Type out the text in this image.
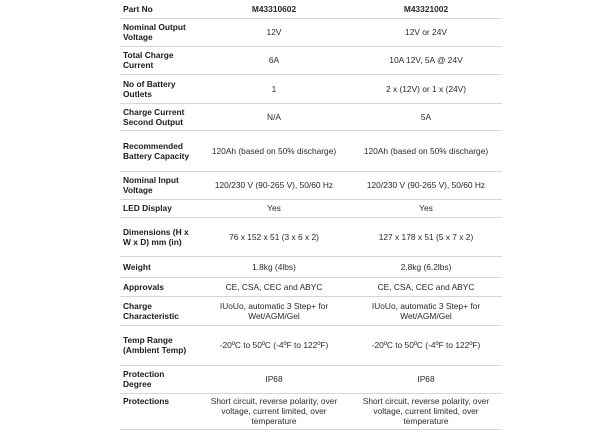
Part No	M43310602	M43321002
Nominal Output Voltage	12V	12V or 24V
Total Charge Current	6A	10A 12V, 5A @ 24V
No of Battery Outlets	1	2 x (12V) or 1 x (24V)
Charge Current Second Output	N/A	5A
Recommended Battery Capacity	120Ah (based on 50% discharge)	120Ah (based on 50% discharge)
Nominal Input Voltage	120/230 V (90-265 V), 50/60 Hz	120/230 V (90-265 V), 50/60 Hz
LED Display	Yes	Yes
Dimensions (H x W x D) mm (in)	76 x 152 x 51 (3 x 6 x 2)	127 x 178 x 51 (5 x 7 x 2)
Weight	1.8kg (4lbs)	2.8kg (6.2lbs)
Approvals	CE, CSA, CEC and ABYC	CE, CSA, CEC and ABYC
Charge Characteristic	IUoUo, automatic 3 Step+ for Wet/AGM/Gel	IUoUo, automatic 3 Step+ for Wet/AGM/Gel
Temp Range (Ambient Temp)	-20ºC to 50ºC (-4ºF to 122ºF)	-20ºC to 50ºC (-4ºF to 122ºF)
Protection Degree	IP68	IP68
Protections	Short circuit, reverse polarity, over voltage, current limited, over temperature	Short circuit, reverse polarity, over voltage, current limited, over temperature
